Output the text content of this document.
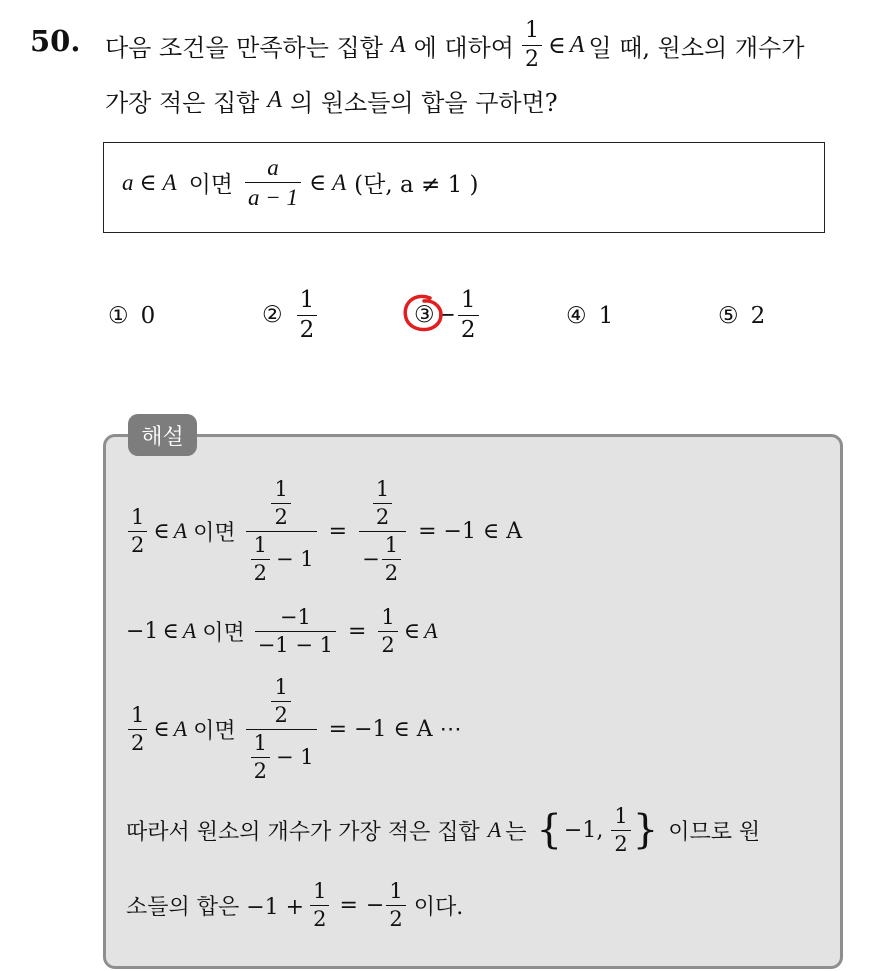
50. 다음 조건을 만족하는 집합 A 에 대하여 $\frac{1}{2}$ ∈ A 일 때, 원소의 개수가
가장 적은 집합 A 의 원소들의 합을 구하면?
a ∈ A 이면 $\frac{a}{a - 1}$ ∈ A (단, a ≠ 1 )
① 0	② $\frac{1}{2}$	③ − $\frac{1}{2}$	④ 1	⑤ 2
해설
$\frac{1}{2}$ ∈ A 이면 $\frac{\frac{1}{2}}{\frac{1}{2} - 1} = \frac{\frac{1}{2}}{- \frac{1}{2}} = -1$ ∈ A
−1 ∈ A 이면 $\frac{-1}{-1 - 1} = \frac{1}{2}$ ∈ A
$\frac{1}{2}$ ∈ A 이면 $\frac{\frac{1}{2}}{\frac{1}{2} - 1} = -1$ ∈ A ⋯
따라서 원소의 개수가 가장 적은 집합 A 는 { −1, $\frac{1}{2}$ } 이므로 원
소들의 합은 $-1 + \frac{1}{2}$ = − $\frac{1}{2}$ 이다.
